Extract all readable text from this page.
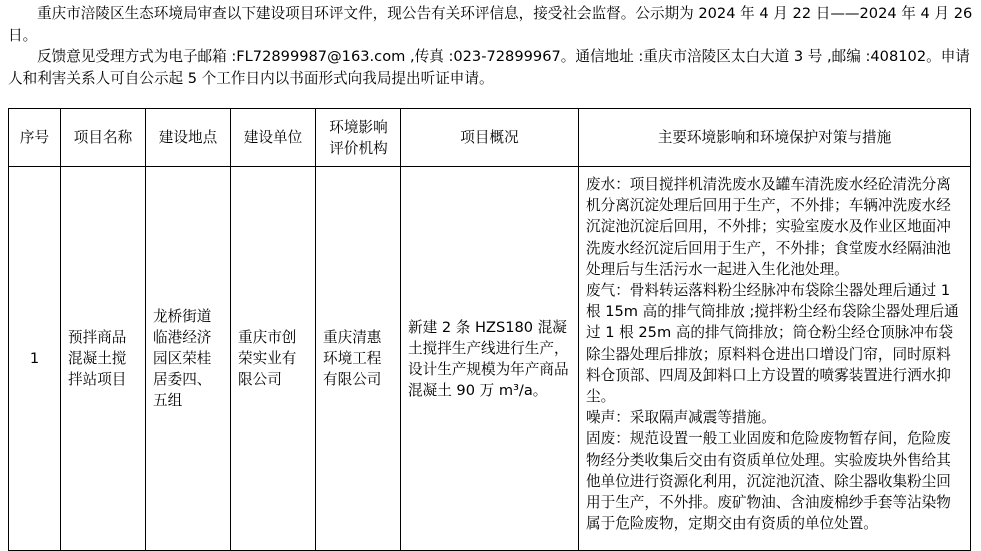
重庆市涪陵区生态环境局审查以下建设项目环评文件，现公告有关环评信息，接受社会监督。公示期为 2024 年 4 月 22 日——2024 年 4 月 26 日。

反馈意见受理方式为电子邮箱 :FL72899987@163.com ,传真 :023-72899967。通信地址 :重庆市涪陵区太白大道 3 号 ,邮编 :408102。申请人和利害关系人可自公示起 5 个工作日内以书面形式向我局提出听证申请。

序号	项目名称	建设地点	建设单位	环境影响评价机构	项目概况	主要环境影响和环境保护对策与措施
1	预拌商品混凝土搅拌站项目	龙桥街道临港经济园区荣桂居委四、五组	重庆市创荣实业有限公司	重庆清惠环境工程有限公司	新建 2 条 HZS180 混凝土搅拌生产线进行生产，设计生产规模为年产商品混凝土 90 万 m³/a。	废水：项目搅拌机清洗废水及罐车清洗废水经砼清洗分离机分离沉淀处理后回用于生产，不外排；车辆冲洗废水经沉淀池沉淀后回用，不外排；实验室废水及作业区地面冲洗废水经沉淀后回用于生产，不外排；食堂废水经隔油池处理后与生活污水一起进入生化池处理。

废气：骨料转运落料粉尘经脉冲布袋除尘器处理后通过 1 根 15m 高的排气筒排放 ;搅拌粉尘经布袋除尘器处理后通过 1 根 25m 高的排气筒排放；筒仓粉尘经仓顶脉冲布袋除尘器处理后排放；原料料仓进出口增设门帘，同时原料料仓顶部、四周及卸料口上方设置的喷雾装置进行洒水抑尘。

噪声：采取隔声减震等措施。

固废：规范设置一般工业固废和危险废物暂存间，危险废物经分类收集后交由有资质单位处理。实验废块外售给其他单位进行资源化利用，沉淀池沉渣、除尘器收集粉尘回用于生产，不外排。废矿物油、含油废棉纱手套等沾染物属于危险废物，定期交由有资质的单位处置。
